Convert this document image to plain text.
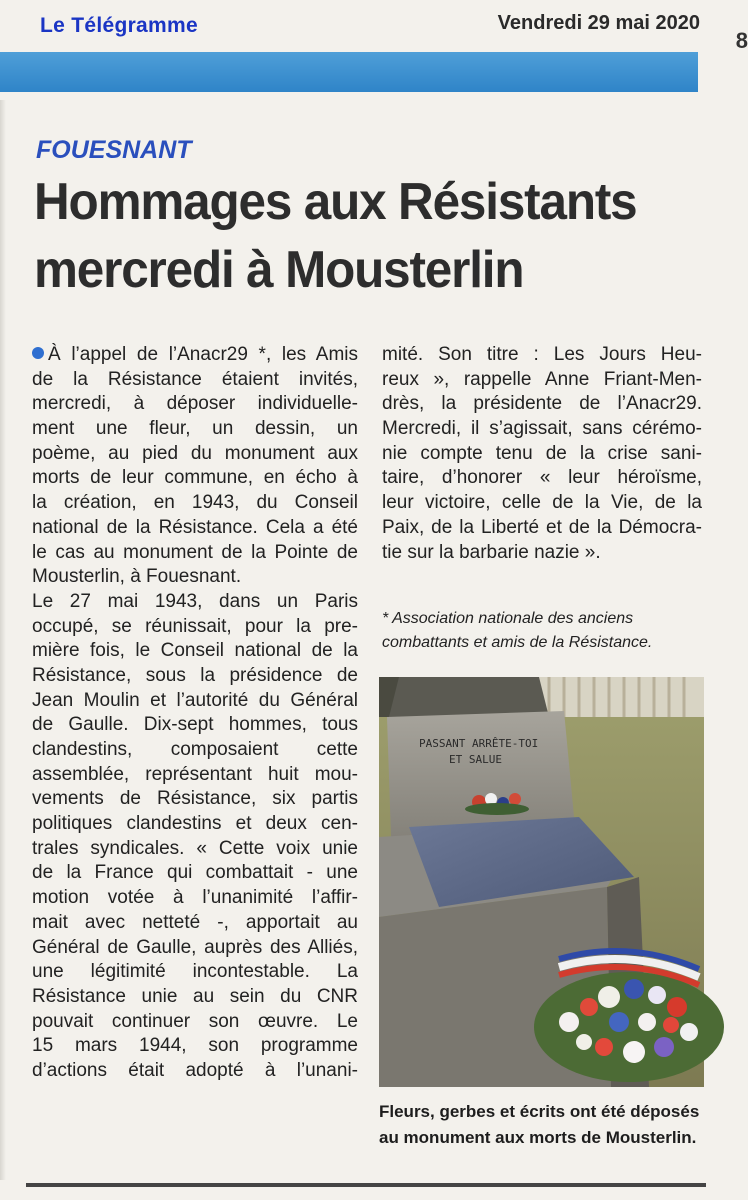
Le Télégramme	Vendredi 29 mai 2020
8
FOUESNANT
Hommages aux Résistants
mercredi à Mousterlin
À l’appel de l’Anacr29 *, les Amis
de la Résistance étaient invités,
mercredi, à déposer individuelle-
ment une fleur, un dessin, un
poème, au pied du monument aux
morts de leur commune, en écho à
la création, en 1943, du Conseil
national de la Résistance. Cela a été
le cas au monument de la Pointe de
Mousterlin, à Fouesnant.
Le 27 mai 1943, dans un Paris
occupé, se réunissait, pour la pre-
mière fois, le Conseil national de la
Résistance, sous la présidence de
Jean Moulin et l’autorité du Général
de Gaulle. Dix-sept hommes, tous
clandestins, composaient cette
assemblée, représentant huit mou-
vements de Résistance, six partis
politiques clandestins et deux cen-
trales syndicales. « Cette voix unie
de la France qui combattait - une
motion votée à l’unanimité l’affir-
mait avec netteté -, apportait au
Général de Gaulle, auprès des Alliés,
une légitimité incontestable. La
Résistance unie au sein du CNR
pouvait continuer son œuvre. Le
15 mars 1944, son programme
d’actions était adopté à l’unani-
mité. Son titre : Les Jours Heu-
reux », rappelle Anne Friant-Men-
drès, la présidente de l’Anacr29.
Mercredi, il s’agissait, sans cérémo-
nie compte tenu de la crise sani-
taire, d’honorer « leur héroïsme,
leur victoire, celle de la Vie, de la
Paix, de la Liberté et de la Démocra-
tie sur la barbarie nazie ».
* Association nationale des anciens
combattants et amis de la Résistance.
PASSANT ARRÊTE-TOI
ET SALUE
Fleurs, gerbes et écrits ont été déposés
au monument aux morts de Mousterlin.
